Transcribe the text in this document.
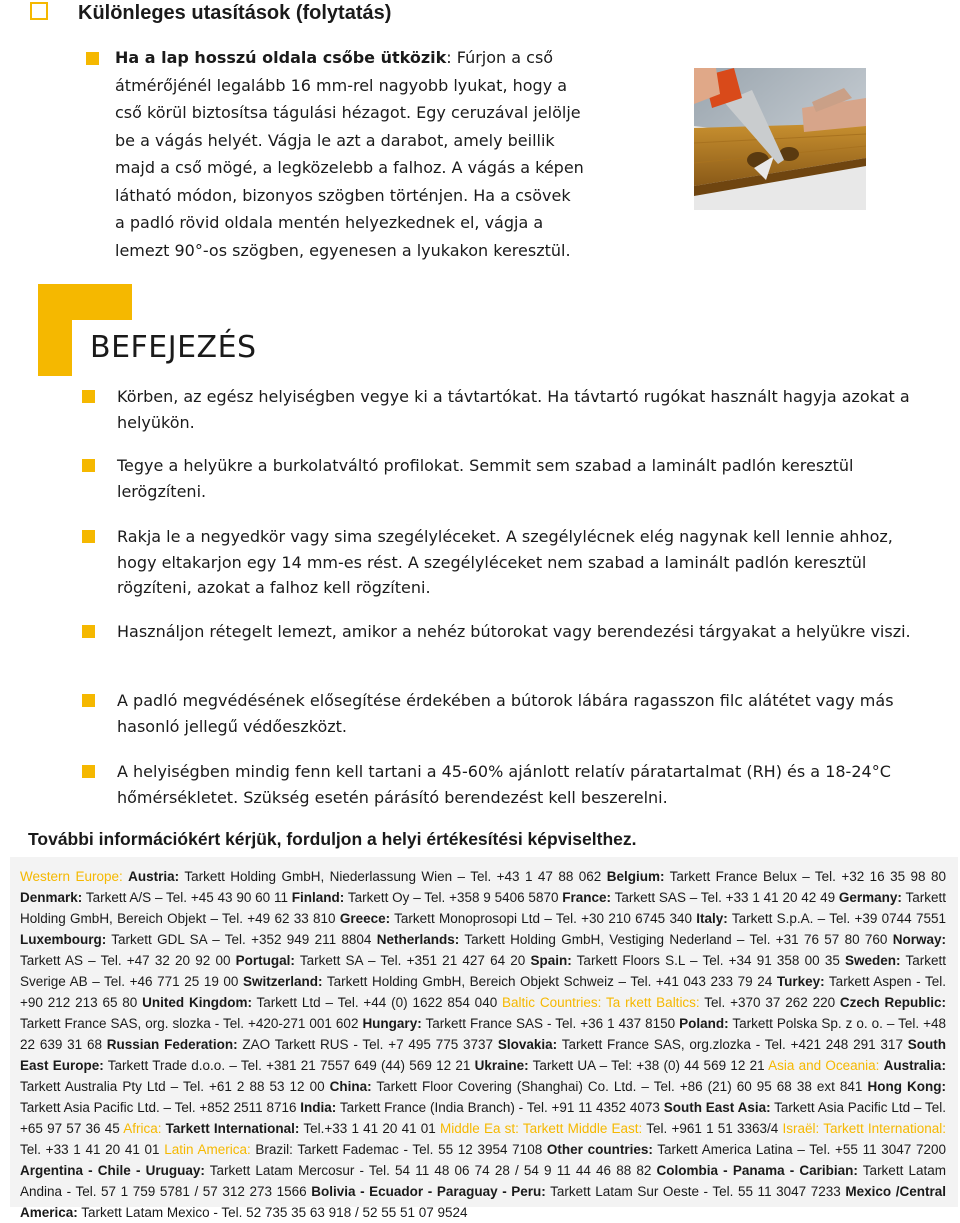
Különleges utasítások (folytatás)
Ha a lap hosszú oldala csőbe ütközik: Fúrjon a cső átmérőjénél legalább 16 mm-rel nagyobb lyukat, hogy a cső körül biztosítsa tágulási hézagot. Egy ceruzával jelölje be a vágás helyét. Vágja le azt a darabot, amely beillik majd a cső mögé, a legközelebb a falhoz. A vágás a képen látható módon, bizonyos szögben történjen. Ha a csövek a padló rövid oldala mentén helyezkednek el, vágja a lemezt 90°-os szögben, egyenesen a lyukakon keresztül.
BEFEJEZÉS
Körben, az egész helyiségben vegye ki a távtartókat. Ha távtartó rugókat használt hagyja azokat a helyükön.
Tegye a helyükre a burkolatváltó profilokat. Semmit sem szabad a laminált padlón keresztül lerögzíteni.
Rakja le a negyedkör vagy sima szegélyléceket. A szegélylécnek elég nagynak kell lennie ahhoz, hogy eltakarjon egy 14 mm-es rést. A szegélyléceket nem szabad a laminált padlón keresztül rögzíteni, azokat a falhoz kell rögzíteni.
Használjon rétegelt lemezt, amikor a nehéz bútorokat vagy berendezési tárgyakat a helyükre viszi.
A padló megvédésének elősegítése érdekében a bútorok lábára ragasszon filc alátétet vagy más hasonló jellegű védőeszközt.
A helyiségben mindig fenn kell tartani a 45-60% ajánlott relatív páratartalmat (RH) és a 18-24°C hőmérsékletet. Szükség esetén párásító berendezést kell beszerelni.
További információkért kérjük, forduljon a helyi értékesítési képviselthez.
Western Europe: Austria: Tarkett Holding GmbH, Niederlassung Wien – Tel. +43 1 47 88 062 Belgium: Tarkett France Belux – Tel. +32 16 35 98 80 Denmark: Tarkett A/S – Tel. +45 43 90 60 11 Finland: Tarkett Oy – Tel. +358 9 5406 5870 France: Tarkett SAS – Tel. +33 1 41 20 42 49 Germany: Tarkett Holding GmbH, Bereich Objekt – Tel. +49 62 33 810 Greece: Tarkett Monoprosopi Ltd – Tel. +30 210 6745 340 Italy: Tarkett S.p.A. – Tel. +39 0744 7551 Luxembourg: Tarkett GDL SA – Tel. +352 949 211 8804 Netherlands: Tarkett Holding GmbH, Vestiging Nederland – Tel. +31 76 57 80 760 Norway: Tarkett AS – Tel. +47 32 20 92 00 Portugal: Tarkett SA – Tel. +351 21 427 64 20 Spain: Tarkett Floors S.L – Tel. +34 91 358 00 35 Sweden: Tarkett Sverige AB – Tel. +46 771 25 19 00 Switzerland: Tarkett Holding GmbH, Bereich Objekt Schweiz – Tel. +41 043 233 79 24 Turkey: Tarkett Aspen - Tel. +90 212 213 65 80 United Kingdom: Tarkett Ltd – Tel. +44 (0) 1622 854 040 Baltic Countries: Ta rkett Baltics: Tel. +370 37 262 220 Czech Republic: Tarkett France SAS, org. slozka - Tel. +420-271 001 602 Hungary: Tarkett France SAS - Tel. +36 1 437 8150 Poland: Tarkett Polska Sp. z o. o. – Tel. +48 22 639 31 68 Russian Federation: ZAO Tarkett RUS - Tel. +7 495 775 3737 Slovakia: Tarkett France SAS, org.zlozka - Tel. +421 248 291 317 South East Europe: Tarkett Trade d.o.o. – Tel. +381 21 7557 649 (44) 569 12 21 Ukraine: Tarkett UA – Tel: +38 (0) 44 569 12 21 Asia and Oceania: Australia: Tarkett Australia Pty Ltd – Tel. +61 2 88 53 12 00 China: Tarkett Floor Covering (Shanghai) Co. Ltd. – Tel. +86 (21) 60 95 68 38 ext 841 Hong Kong: Tarkett Asia Pacific Ltd. – Tel. +852 2511 8716 India: Tarkett France (India Branch) - Tel. +91 11 4352 4073 South East Asia: Tarkett Asia Pacific Ltd – Tel. +65 97 57 36 45 Africa: Tarkett International: Tel.+33 1 41 20 41 01 Middle Ea st: Tarkett Middle East: Tel. +961 1 51 3363/4 Israël: Tarkett International: Tel. +33 1 41 20 41 01 Latin America: Brazil: Tarkett Fademac - Tel. 55 12 3954 7108 Other countries: Tarkett America Latina – Tel. +55 11 3047 7200 Argentina - Chile - Uruguay: Tarkett Latam Mercosur - Tel. 54 11 48 06 74 28 / 54 9 11 44 46 88 82 Colombia - Panama - Caribian: Tarkett Latam Andina - Tel. 57 1 759 5781 / 57 312 273 1566 Bolivia - Ecuador - Paraguay - Peru: Tarkett Latam Sur Oeste - Tel. 55 11 3047 7233 Mexico /Central America: Tarkett Latam Mexico - Tel. 52 735 35 63 918 / 52 55 51 07 9524
